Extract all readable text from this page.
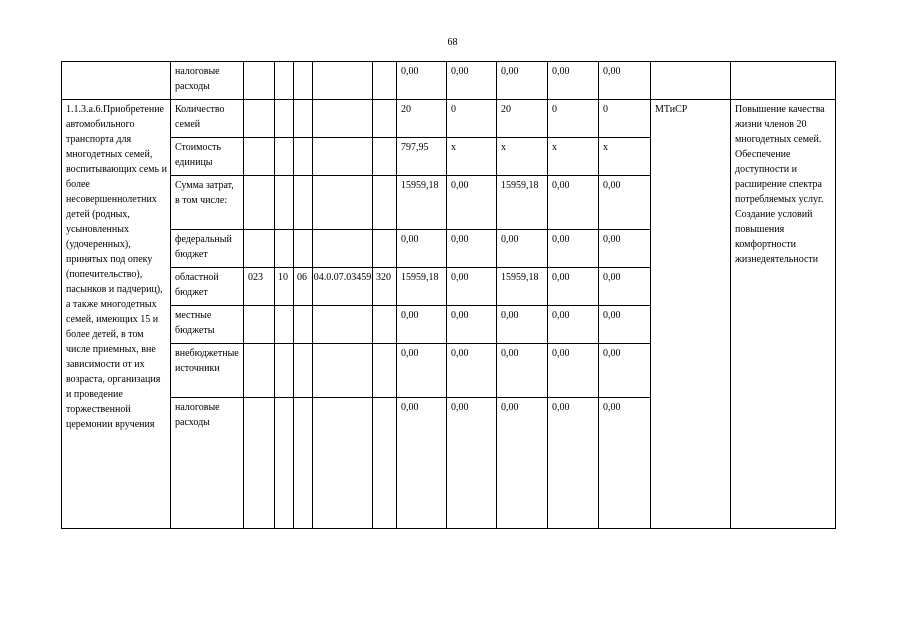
68
	налоговые расходы						0,00	0,00	0,00	0,00	0,00		
1.1.3.а.6.Приобретение автомобильного транспорта для многодетных семей, воспитывающих семь и более несовершеннолетних детей (родных, усыновленных (удочеренных), принятых под опеку (попечительство), пасынков и падчериц), а также многодетных семей, имеющих 15 и более детей, в том числе приемных, вне зависимости от их возраста, организация и проведение торжественной церемонии вручения	Количество семей						20	0	20	0	0	МТиСР	Повышение качества жизни членов 20 многодетных семей. Обеспечение доступности и расширение спектра потребляемых услуг. Создание условий повышения комфортности жизнедеятельности
	Стоимость единицы						797,95	х	х	х	х		
	Сумма затрат, в том числе:						15959,18	0,00	15959,18	0,00	0,00		
	федеральный бюджет						0,00	0,00	0,00	0,00	0,00		
	областной бюджет	023	10	06	04.0.07.03459	320	15959,18	0,00	15959,18	0,00	0,00		
	местные бюджеты						0,00	0,00	0,00	0,00	0,00		
	внебюджетные источники						0,00	0,00	0,00	0,00	0,00		
	налоговые расходы						0,00	0,00	0,00	0,00	0,00		
